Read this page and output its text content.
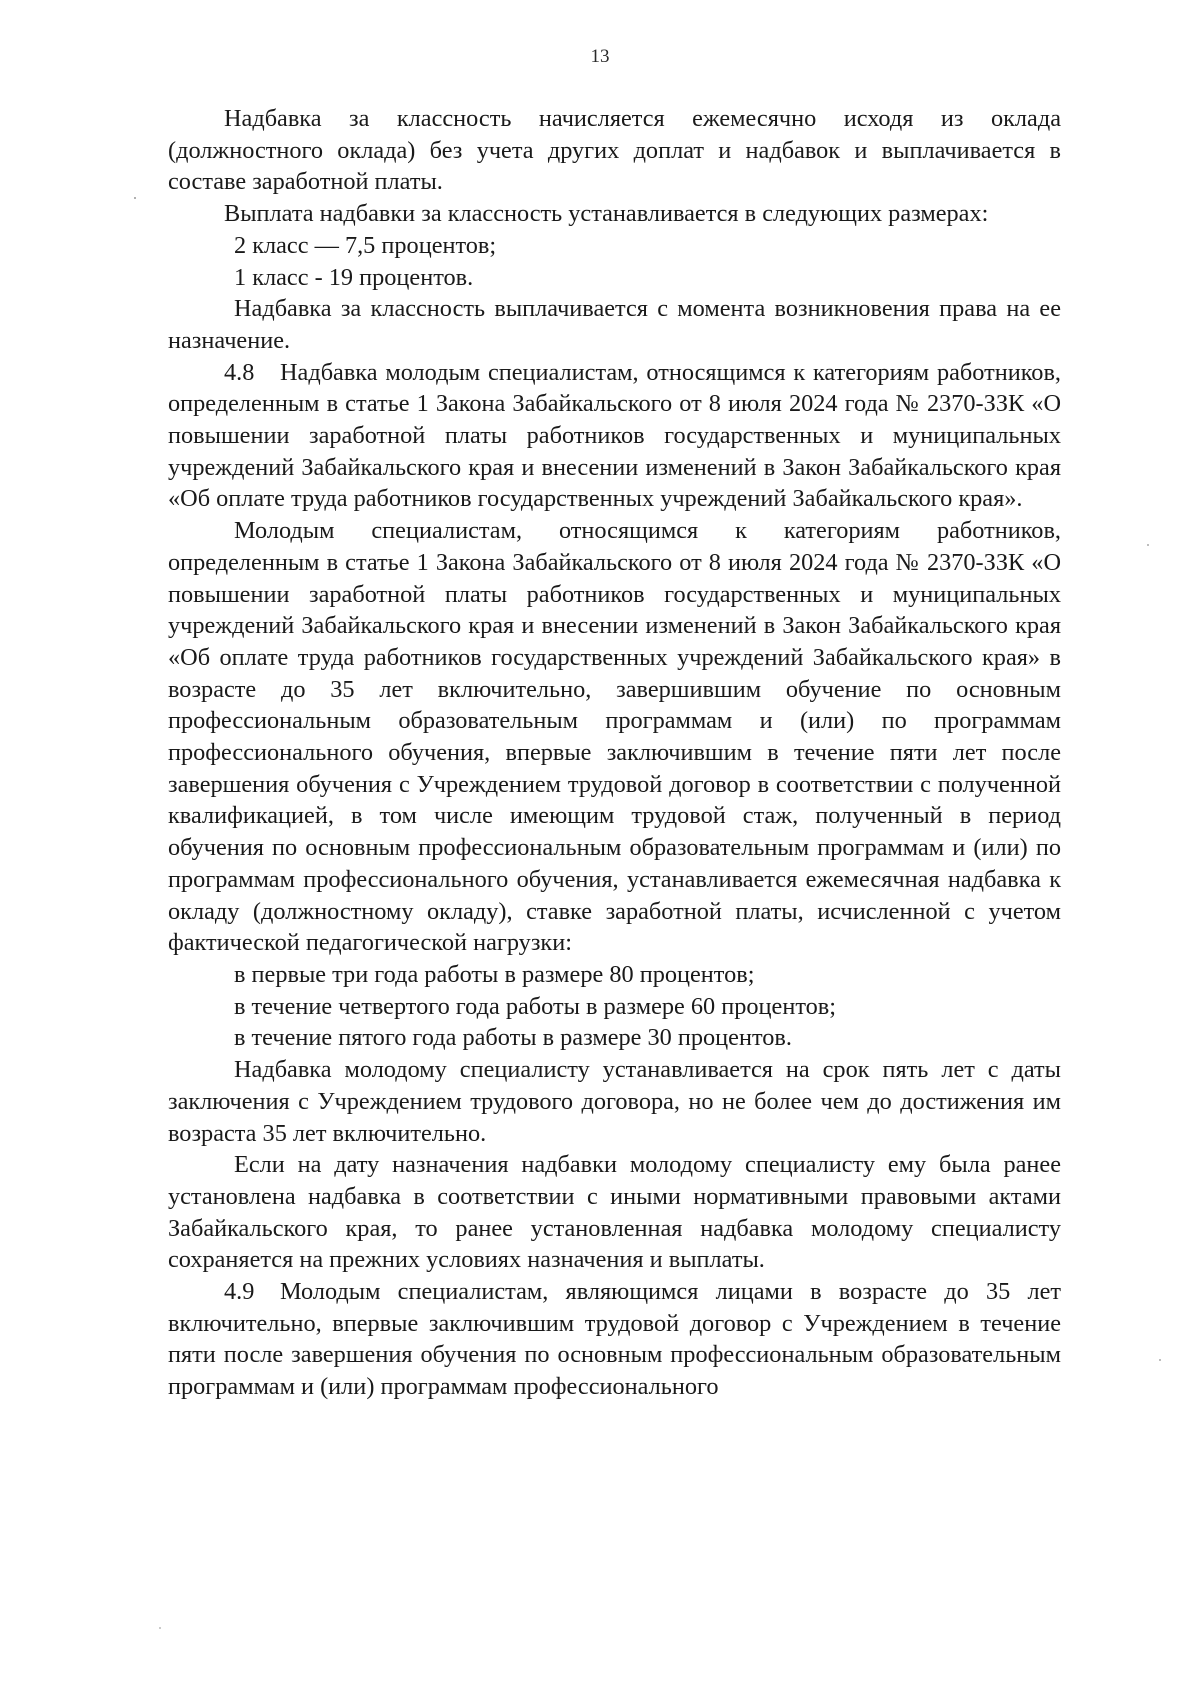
13

Надбавка за классность начисляется ежемесячно исходя из оклада (должностного оклада) без учета других доплат и надбавок и выплачивается в составе заработной платы.

Выплата надбавки за классность устанавливается в следующих размерах:

2 класс — 7,5 процентов;

1 класс - 19 процентов.

Надбавка за классность выплачивается с момента возникновения права на ее назначение.

4.8 Надбавка молодым специалистам, относящимся к категориям работников, определенным в статье 1 Закона Забайкальского от 8 июля 2024 года № 2370-ЗЗК «О повышении заработной платы работников государственных и муниципальных учреждений Забайкальского края и внесении изменений в Закон Забайкальского края «Об оплате труда работников государственных учреждений Забайкальского края».

Молодым специалистам, относящимся к категориям работников, определенным в статье 1 Закона Забайкальского от 8 июля 2024 года № 2370-ЗЗК «О повышении заработной платы работников государственных и муниципальных учреждений Забайкальского края и внесении изменений в Закон Забайкальского края «Об оплате труда работников государственных учреждений Забайкальского края» в возрасте до 35 лет включительно, завершившим обучение по основным профессиональным образовательным программам и (или) по программам профессионального обучения, впервые заключившим в течение пяти лет после завершения обучения с Учреждением трудовой договор в соответствии с полученной квалификацией, в том числе имеющим трудовой стаж, полученный в период обучения по основным профессиональным образовательным программам и (или) по программам профессионального обучения, устанавливается ежемесячная надбавка к окладу (должностному окладу), ставке заработной платы, исчисленной с учетом фактической педагогической нагрузки:

в первые три года работы в размере 80 процентов;

в течение четвертого года работы в размере 60 процентов;

в течение пятого года работы в размере 30 процентов.

Надбавка молодому специалисту устанавливается на срок пять лет с даты заключения с Учреждением трудового договора, но не более чем до достижения им возраста 35 лет включительно.

Если на дату назначения надбавки молодому специалисту ему была ранее установлена надбавка в соответствии с иными нормативными правовыми актами Забайкальского края, то ранее установленная надбавка молодому специалисту сохраняется на прежних условиях назначения и выплаты.

4.9 Молодым специалистам, являющимся лицами в возрасте до 35 лет включительно, впервые заключившим трудовой договор с Учреждением в течение пяти после завершения обучения по основным профессиональным образовательным программам и (или) программам профессионального
